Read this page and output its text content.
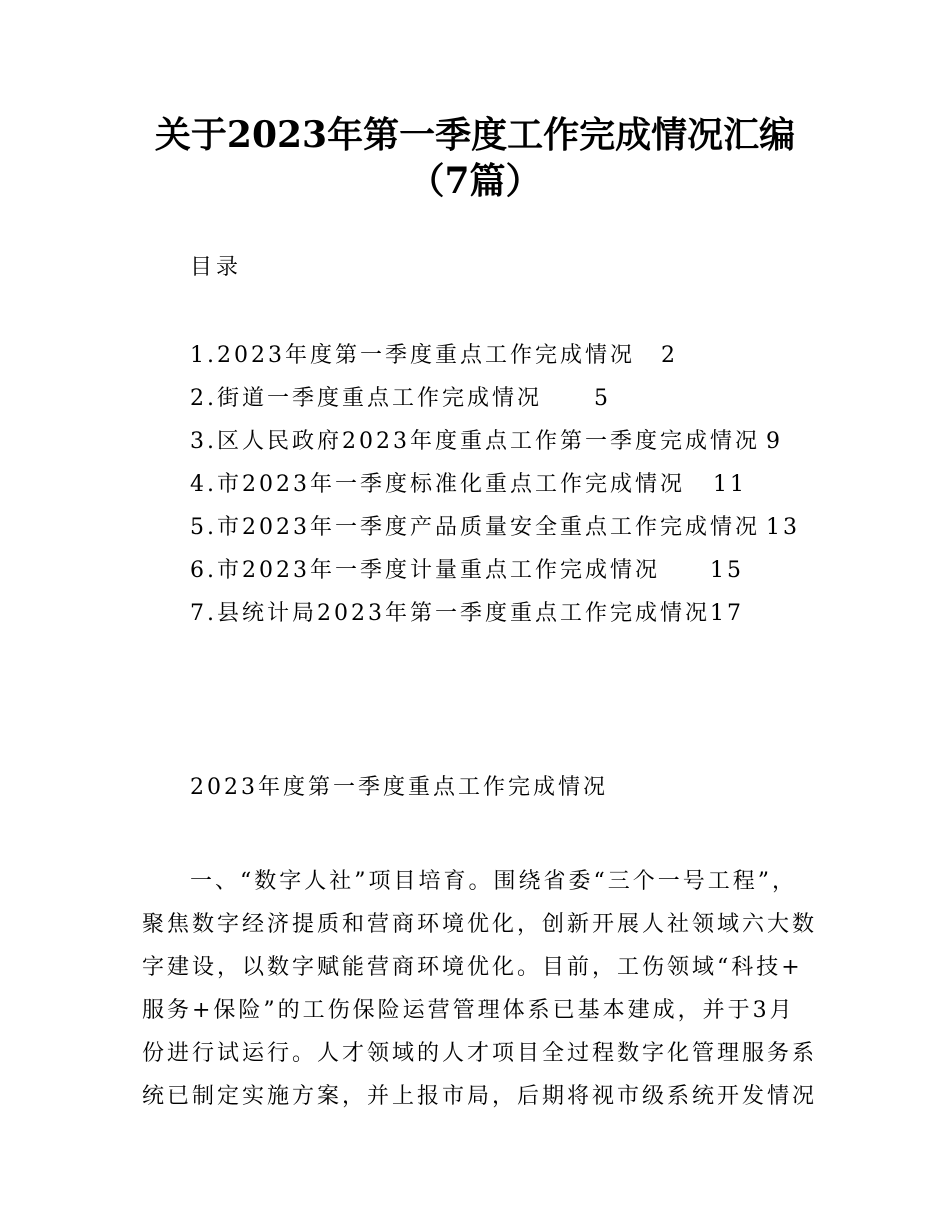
关于2023年第一季度工作完成情况汇编
（7篇）
目录
1.2023年度第一季度重点工作完成情况 2
2.街道一季度重点工作完成情况 5
3.区人民政府2023年度重点工作第一季度完成情况 9
4.市2023年一季度标准化重点工作完成情况 11
5.市2023年一季度产品质量安全重点工作完成情况 13
6.市2023年一季度计量重点工作完成情况 15
7.县统计局2023年第一季度重点工作完成情况17
2023年度第一季度重点工作完成情况
一、“数字人社”项目培育。围绕省委“三个一号工程”，
聚焦数字经济提质和营商环境优化，创新开展人社领域六大数
字建设，以数字赋能营商环境优化。目前，工伤领域“科技+
服务+保险”的工伤保险运营管理体系已基本建成，并于3月
份进行试运行。人才领域的人才项目全过程数字化管理服务系
统已制定实施方案，并上报市局，后期将视市级系统开发情况
